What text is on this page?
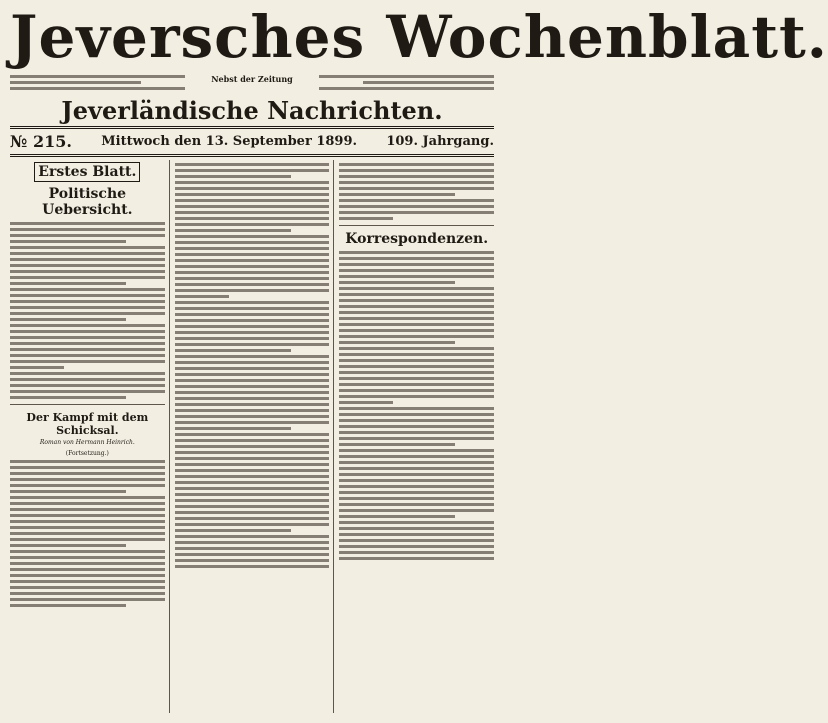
Jeversches Wochenblatt.
Nebst der Zeitung
Jeverländische Nachrichten.
№ 215. Mittwoch den 13. September 1899. 109. Jahrgang.
Erstes Blatt.
Politische Uebersicht.
Der Kampf mit dem Schicksal.
Roman von Hermann Heinrich.
(Fortsetzung.)
Korrespondenzen.
